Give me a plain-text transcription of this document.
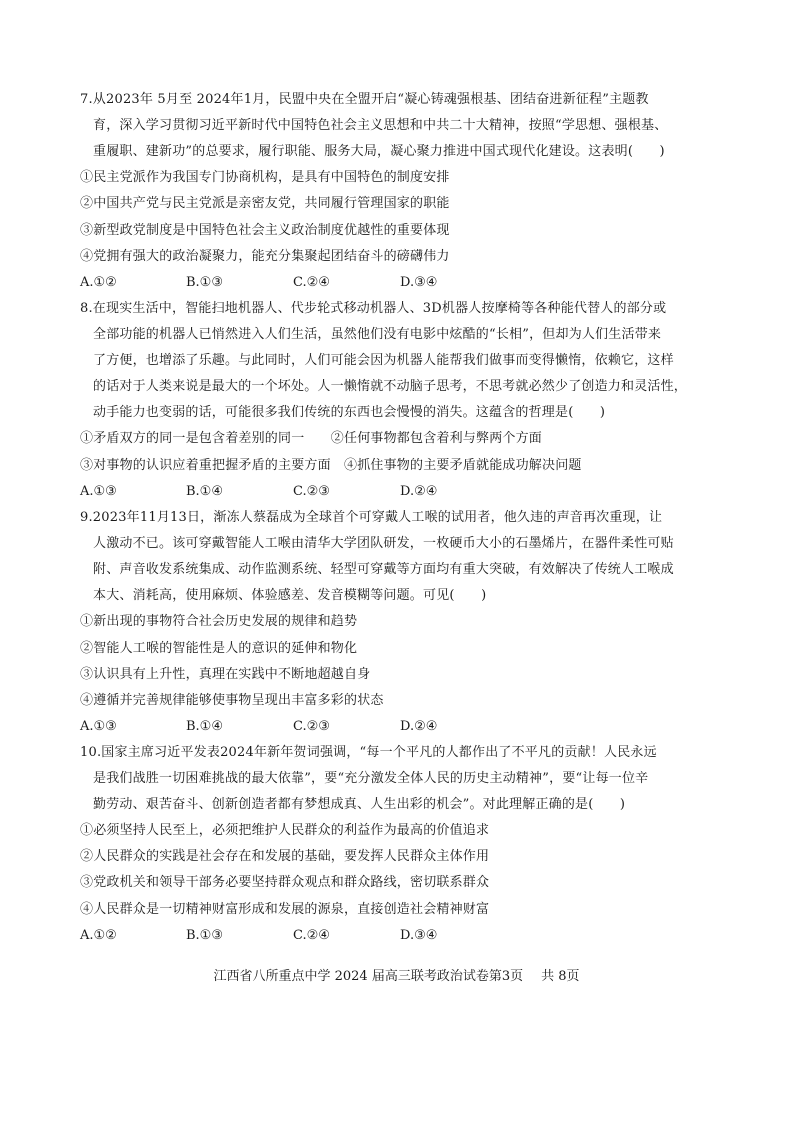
7.从2023年 5月至 2024年1月，民盟中央在全盟开启“凝心铸魂强根基、团结奋进新征程”主题教
育，深入学习贯彻习近平新时代中国特色社会主义思想和中共二十大精神，按照“学思想、强根基、
重履职、建新功”的总要求，履行职能、服务大局，凝心聚力推进中国式现代化建设。这表明(　　)
①民主党派作为我国专门协商机构，是具有中国特色的制度安排
②中国共产党与民主党派是亲密友党，共同履行管理国家的职能
③新型政党制度是中国特色社会主义政治制度优越性的重要体现
④党拥有强大的政治凝聚力，能充分集聚起团结奋斗的磅礴伟力
A.①②	B.①③	C.②④	D.③④
8.在现实生活中，智能扫地机器人、代步轮式移动机器人、3D机器人按摩椅等各种能代替人的部分或
全部功能的机器人已悄然进入人们生活，虽然他们没有电影中炫酷的“长相”，但却为人们生活带来
了方便，也增添了乐趣。与此同时，人们可能会因为机器人能帮我们做事而变得懒惰，依赖它，这样
的话对于人类来说是最大的一个坏处。人一懒惰就不动脑子思考，不思考就必然少了创造力和灵活性，
动手能力也变弱的话，可能很多我们传统的东西也会慢慢的消失。这蕴含的哲理是(　　)
①矛盾双方的同一是包含着差别的同一　　②任何事物都包含着利与弊两个方面
③对事物的认识应着重把握矛盾的主要方面　④抓住事物的主要矛盾就能成功解决问题
A.①③	B.①④	C.②③	D.②④
9.2023年11月13日，渐冻人蔡磊成为全球首个可穿戴人工喉的试用者，他久违的声音再次重现，让
人激动不已。该可穿戴智能人工喉由清华大学团队研发，一枚硬币大小的石墨烯片，在器件柔性可贴
附、声音收发系统集成、动作监测系统、轻型可穿戴等方面均有重大突破，有效解决了传统人工喉成
本大、消耗高，使用麻烦、体验感差、发音模糊等问题。可见(　　)
①新出现的事物符合社会历史发展的规律和趋势
②智能人工喉的智能性是人的意识的延伸和物化
③认识具有上升性，真理在实践中不断地超越自身
④遵循并完善规律能够使事物呈现出丰富多彩的状态
A.①③	B.①④	C.②③	D.②④
10.国家主席习近平发表2024年新年贺词强调，“每一个平凡的人都作出了不平凡的贡献！人民永远
是我们战胜一切困难挑战的最大依靠”，要“充分激发全体人民的历史主动精神”，要“让每一位辛
勤劳动、艰苦奋斗、创新创造者都有梦想成真、人生出彩的机会”。对此理解正确的是(　　)
①必须坚持人民至上，必须把维护人民群众的利益作为最高的价值追求
②人民群众的实践是社会存在和发展的基础，要发挥人民群众主体作用
③党政机关和领导干部务必要坚持群众观点和群众路线，密切联系群众
④人民群众是一切精神财富形成和发展的源泉，直接创造社会精神财富
A.①②	B.①③	C.②④	D.③④
江西省八所重点中学 2024 届高三联考政治试卷第3页 共 8页
